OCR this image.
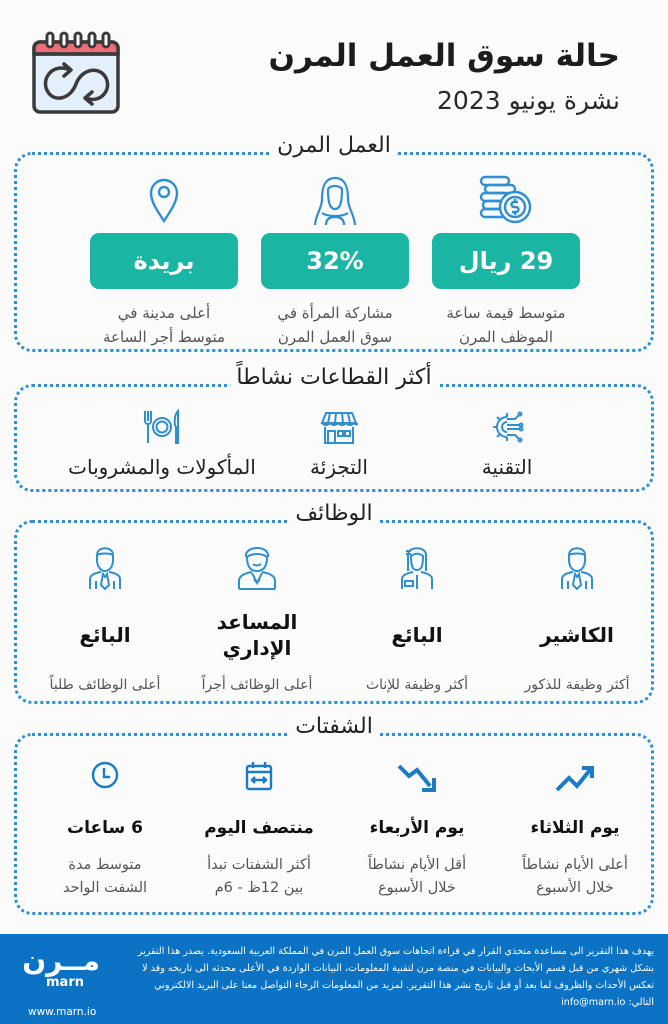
حالة سوق العمل المرن
نشرة يونيو 2023
العمل المرن
29 ريال
متوسط قيمة ساعة
الموظف المرن
32%
مشاركة المرأة في
سوق العمل المرن
بريدة
أعلى مدينة في
متوسط أجر الساعة
أكثر القطاعات نشاطاً
التقنية
التجزئة
المأكولات والمشروبات
الوظائف
الكاشير
أكثر وظيفة للذكور
البائع
أكثر وظيفة للإناث
المساعد
الإداري
أعلى الوظائف أجراً
البائع
أعلى الوظائف طلباً
الشفتات
يوم الثلاثاء
أعلى الأيام نشاطاً
خلال الأسبوع
يوم الأربعاء
أقل الأيام نشاطاً
خلال الأسبوع
منتصف اليوم
أكثر الشفتات تبدأ
بين 12ظ - 6م
6 ساعات
متوسط مدة
الشفت الواحد
مــرن
marn
www.marn.io
يهدف هذا التقرير الى مساعدة متخذي القرار في قراءة اتجاهات سوق العمل المرن في المملكة العربية السعودية. يصدر هذا التقرير بشكل شهري من قبل قسم الأبحاث والبيانات في منصة مرن لتقنية المعلومات، البيانات الواردة في الأعلى محدثه الى تاريخه وقد لا تعكس الأحداث والظروف لما بعد أو قبل تاريخ نشر هذا التقرير. لمزيد من المعلومات الرجاء التواصل معنا على البريد الالكتروني التالي: info@marn.io
